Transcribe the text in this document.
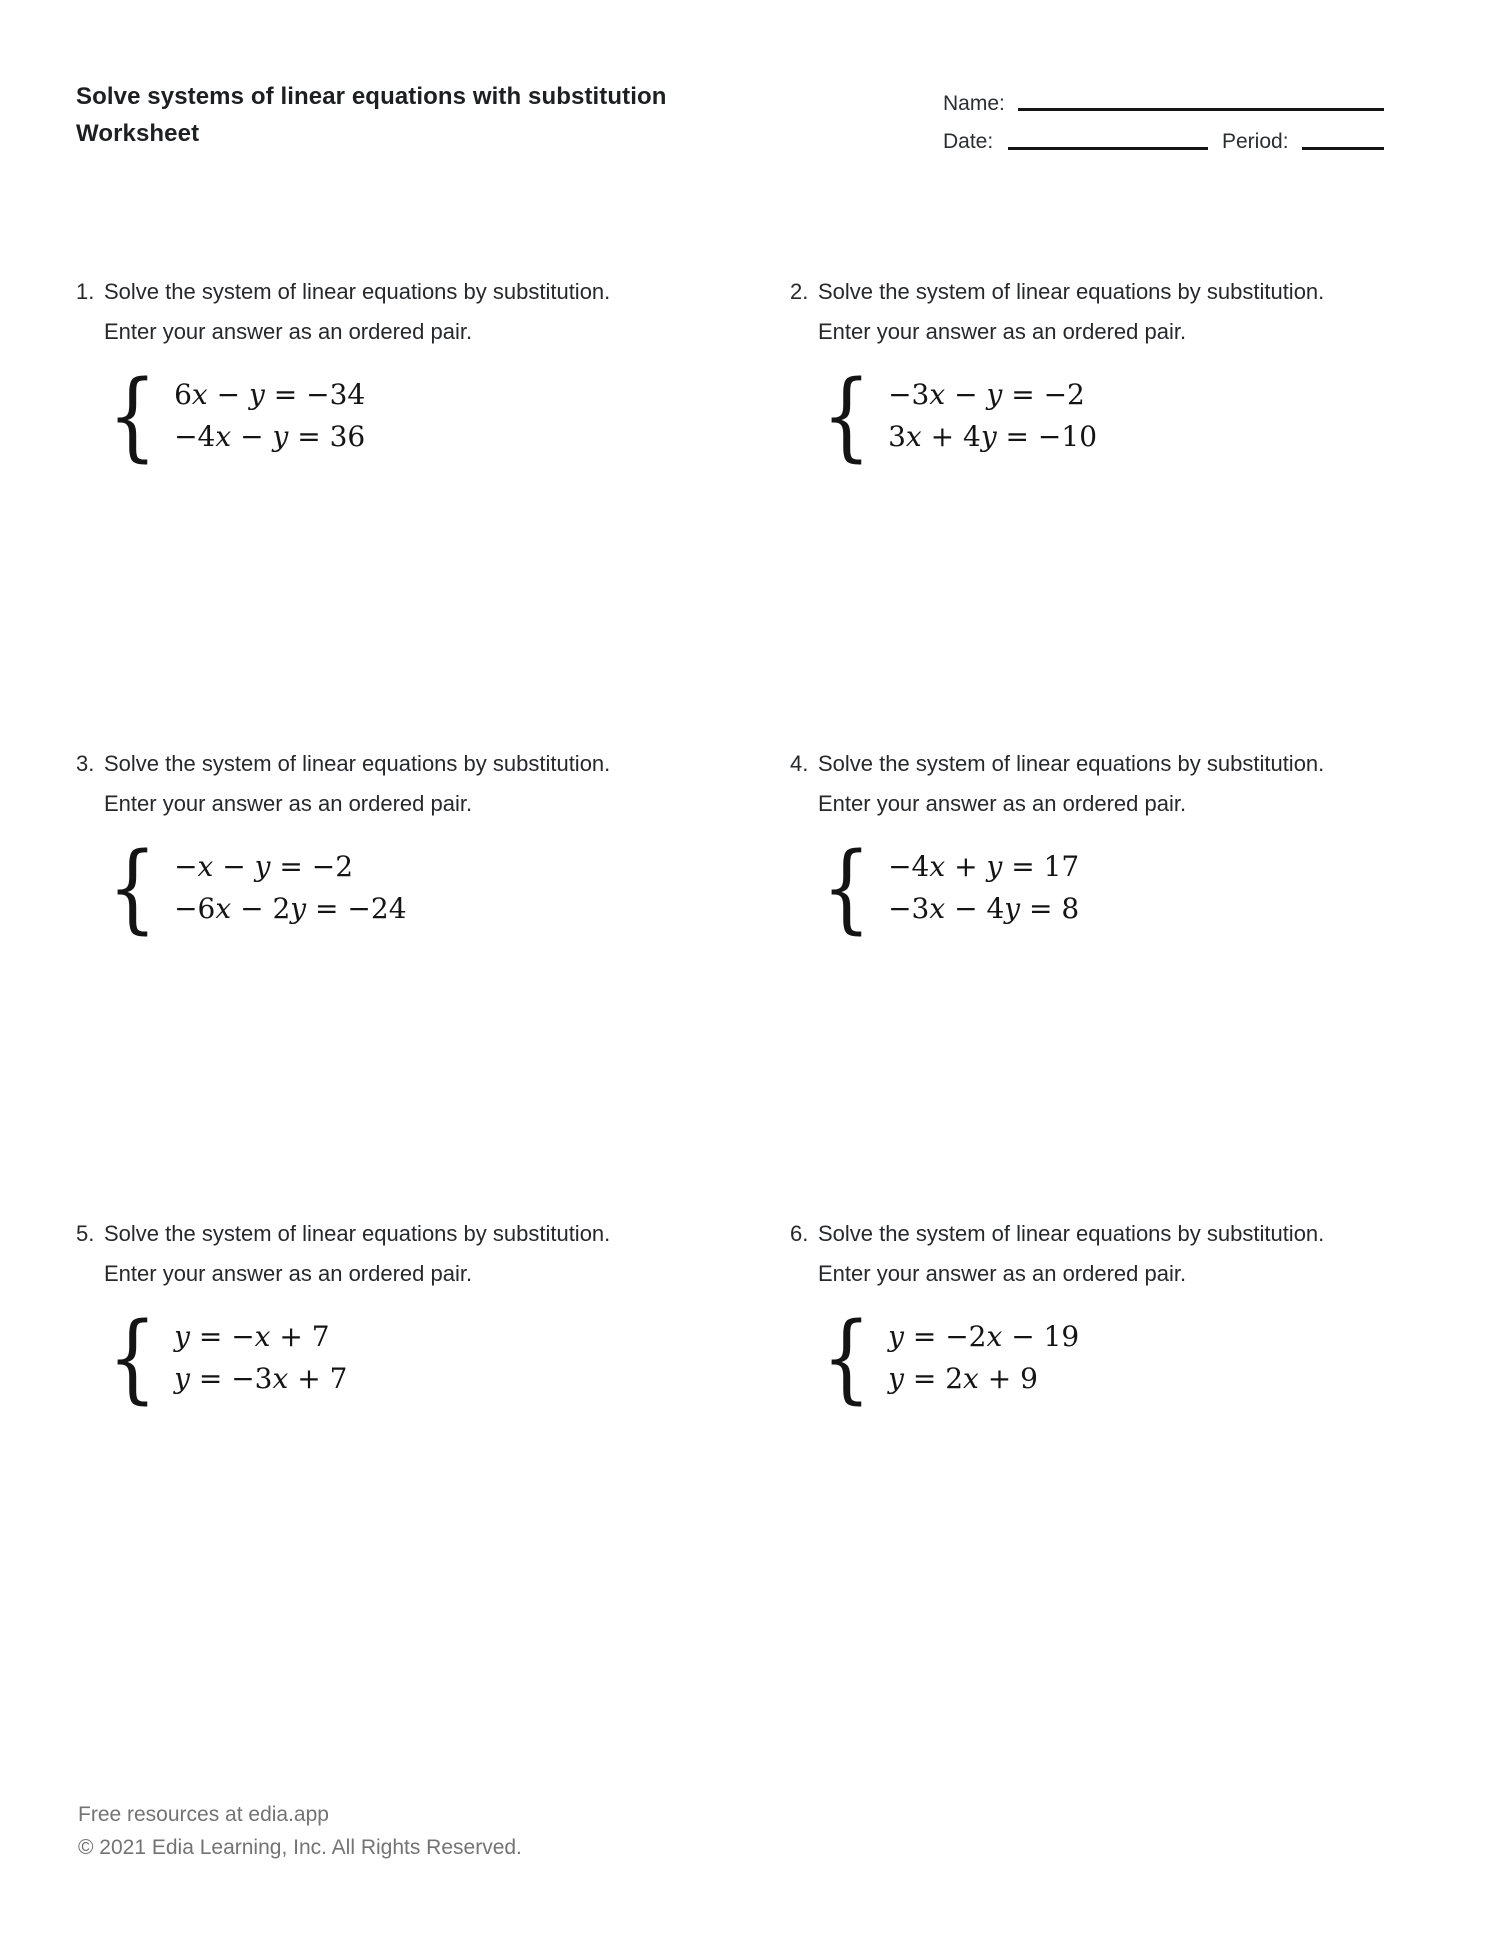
Solve systems of linear equations with substitution
Worksheet
Name:
Date:	Period:
1. Solve the system of linear equations by substitution. Enter your answer as an ordered pair.
{ 6x − y = −34
−4x − y = 36
2. Solve the system of linear equations by substitution. Enter your answer as an ordered pair.
{ −3x − y = −2
3x + 4y = −10
3. Solve the system of linear equations by substitution. Enter your answer as an ordered pair.
{ −x − y = −2
−6x − 2y = −24
4. Solve the system of linear equations by substitution. Enter your answer as an ordered pair.
{ −4x + y = 17
−3x − 4y = 8
5. Solve the system of linear equations by substitution. Enter your answer as an ordered pair.
{ y = −x + 7
y = −3x + 7
6. Solve the system of linear equations by substitution. Enter your answer as an ordered pair.
{ y = −2x − 19
y = 2x + 9
Free resources at edia.app
© 2021 Edia Learning, Inc. All Rights Reserved.
